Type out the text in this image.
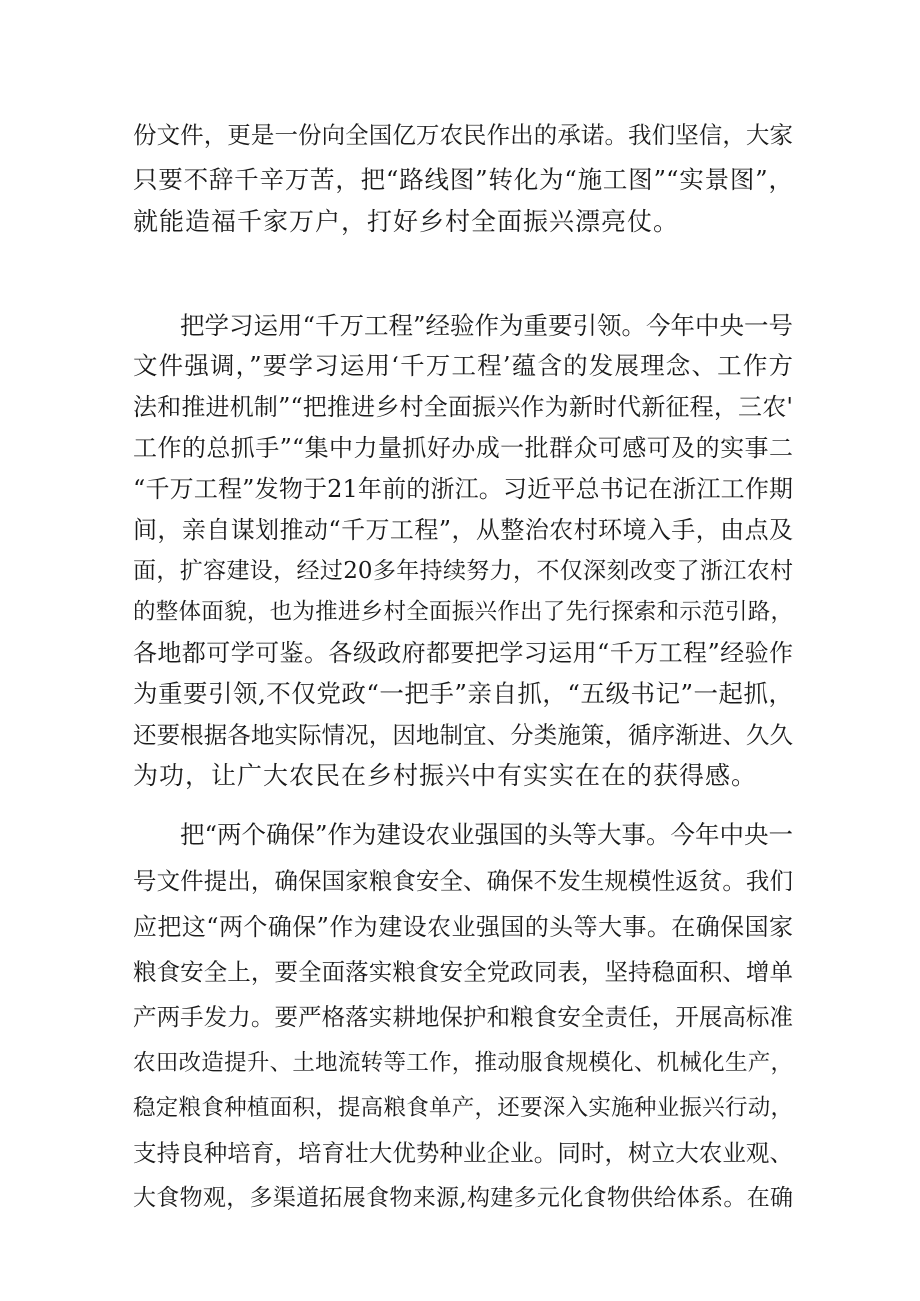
份文件，更是一份向全国亿万农民作出的承诺。我们坚信，大家
只要不辞千辛万苦，把“路线图”转化为“施工图”“实景图”，
就能造福千家万户，打好乡村全面振兴漂亮仗。
把学习运用“千万工程”经验作为重要引领。今年中央一号
文件强调，”要学习运用‘千万工程’蕴含的发展理念、工作方
法和推进机制”“把推进乡村全面振兴作为新时代新征程，三农'
工作的总抓手”“集中力量抓好办成一批群众可感可及的实事二
“千万工程”发物于21年前的浙江。习近平总书记在浙江工作期
间，亲自谋划推动“千万工程”，从整治农村环境入手，由点及
面，扩容建设，经过20多年持续努力，不仅深刻改变了浙江农村
的整体面貌，也为推进乡村全面振兴作出了先行探索和示范引路，
各地都可学可鉴。各级政府都要把学习运用“千万工程”经验作
为重要引领,不仅党政“一把手”亲自抓，“五级书记”一起抓，
还要根据各地实际情况，因地制宜、分类施策，循序渐进、久久
为功，让广大农民在乡村振兴中有实实在在的获得感。
把“两个确保”作为建设农业强国的头等大事。今年中央一
号文件提出，确保国家粮食安全、确保不发生规模性返贫。我们
应把这“两个确保”作为建设农业强国的头等大事。在确保国家
粮食安全上，要全面落实粮食安全党政同表，坚持稳面积、增单
产两手发力。要严格落实耕地保护和粮食安全责任，开展高标准
农田改造提升、土地流转等工作，推动服食规模化、机械化生产，
稳定粮食种植面积，提高粮食单产，还要深入实施种业振兴行动，
支持良种培育，培育壮大优势种业企业。同时，树立大农业观、
大食物观，多渠道拓展食物来源,构建多元化食物供给体系。在确
